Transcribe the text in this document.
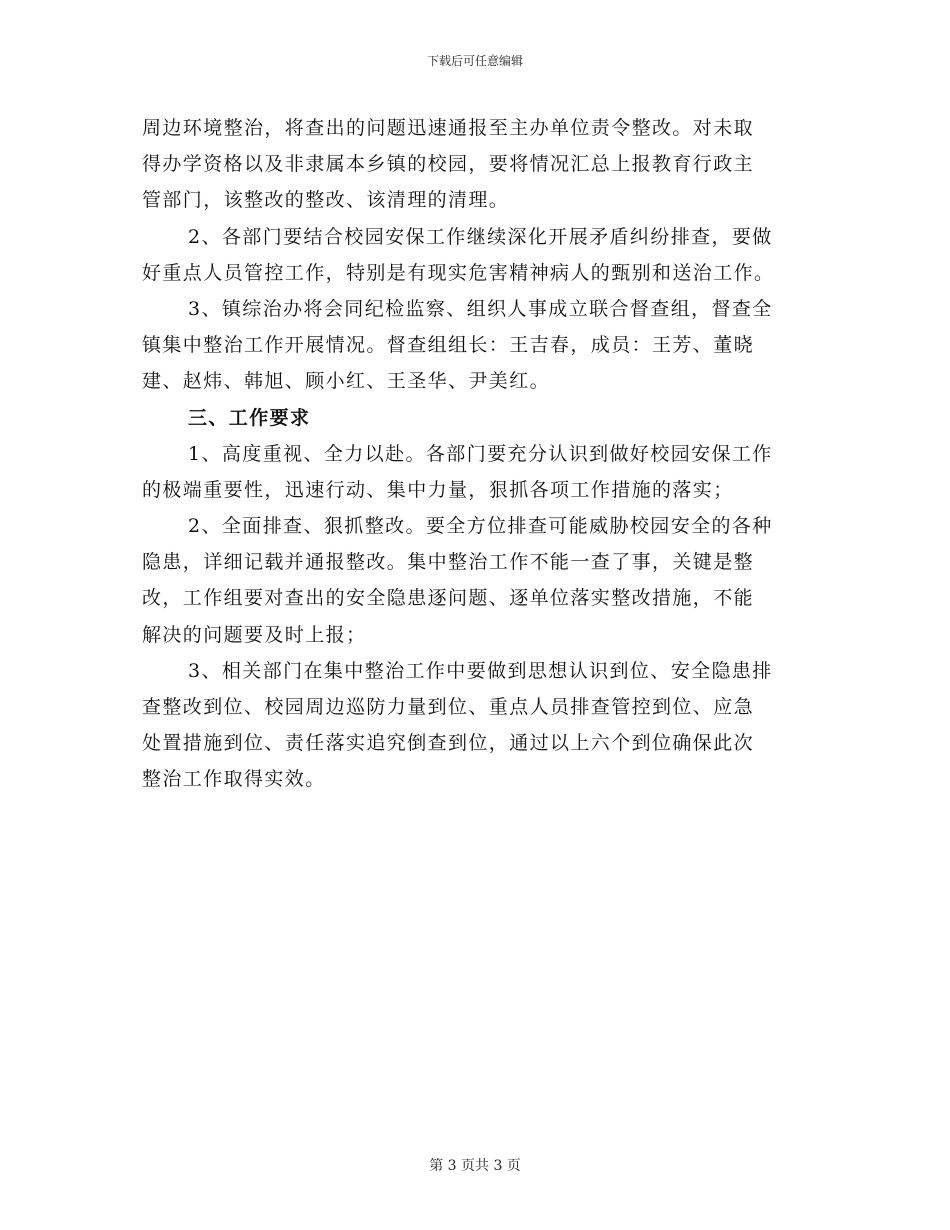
下载后可任意编辑
周边环境整治，将查出的问题迅速通报至主办单位责令整改。对未取
得办学资格以及非隶属本乡镇的校园，要将情况汇总上报教育行政主
管部门，该整改的整改、该清理的清理。
2、各部门要结合校园安保工作继续深化开展矛盾纠纷排查，要做
好重点人员管控工作，特别是有现实危害精神病人的甄别和送治工作。
3、镇综治办将会同纪检监察、组织人事成立联合督查组，督查全
镇集中整治工作开展情况。督查组组长：王吉春，成员：王芳、董晓
建、赵炜、韩旭、顾小红、王圣华、尹美红。
三、工作要求
1、高度重视、全力以赴。各部门要充分认识到做好校园安保工作
的极端重要性，迅速行动、集中力量，狠抓各项工作措施的落实；
2、全面排查、狠抓整改。要全方位排查可能威胁校园安全的各种
隐患，详细记载并通报整改。集中整治工作不能一查了事，关键是整
改，工作组要对查出的安全隐患逐问题、逐单位落实整改措施，不能
解决的问题要及时上报；
3、相关部门在集中整治工作中要做到思想认识到位、安全隐患排
查整改到位、校园周边巡防力量到位、重点人员排查管控到位、应急
处置措施到位、责任落实追究倒查到位，通过以上六个到位确保此次
整治工作取得实效。
第 3 页共 3 页
